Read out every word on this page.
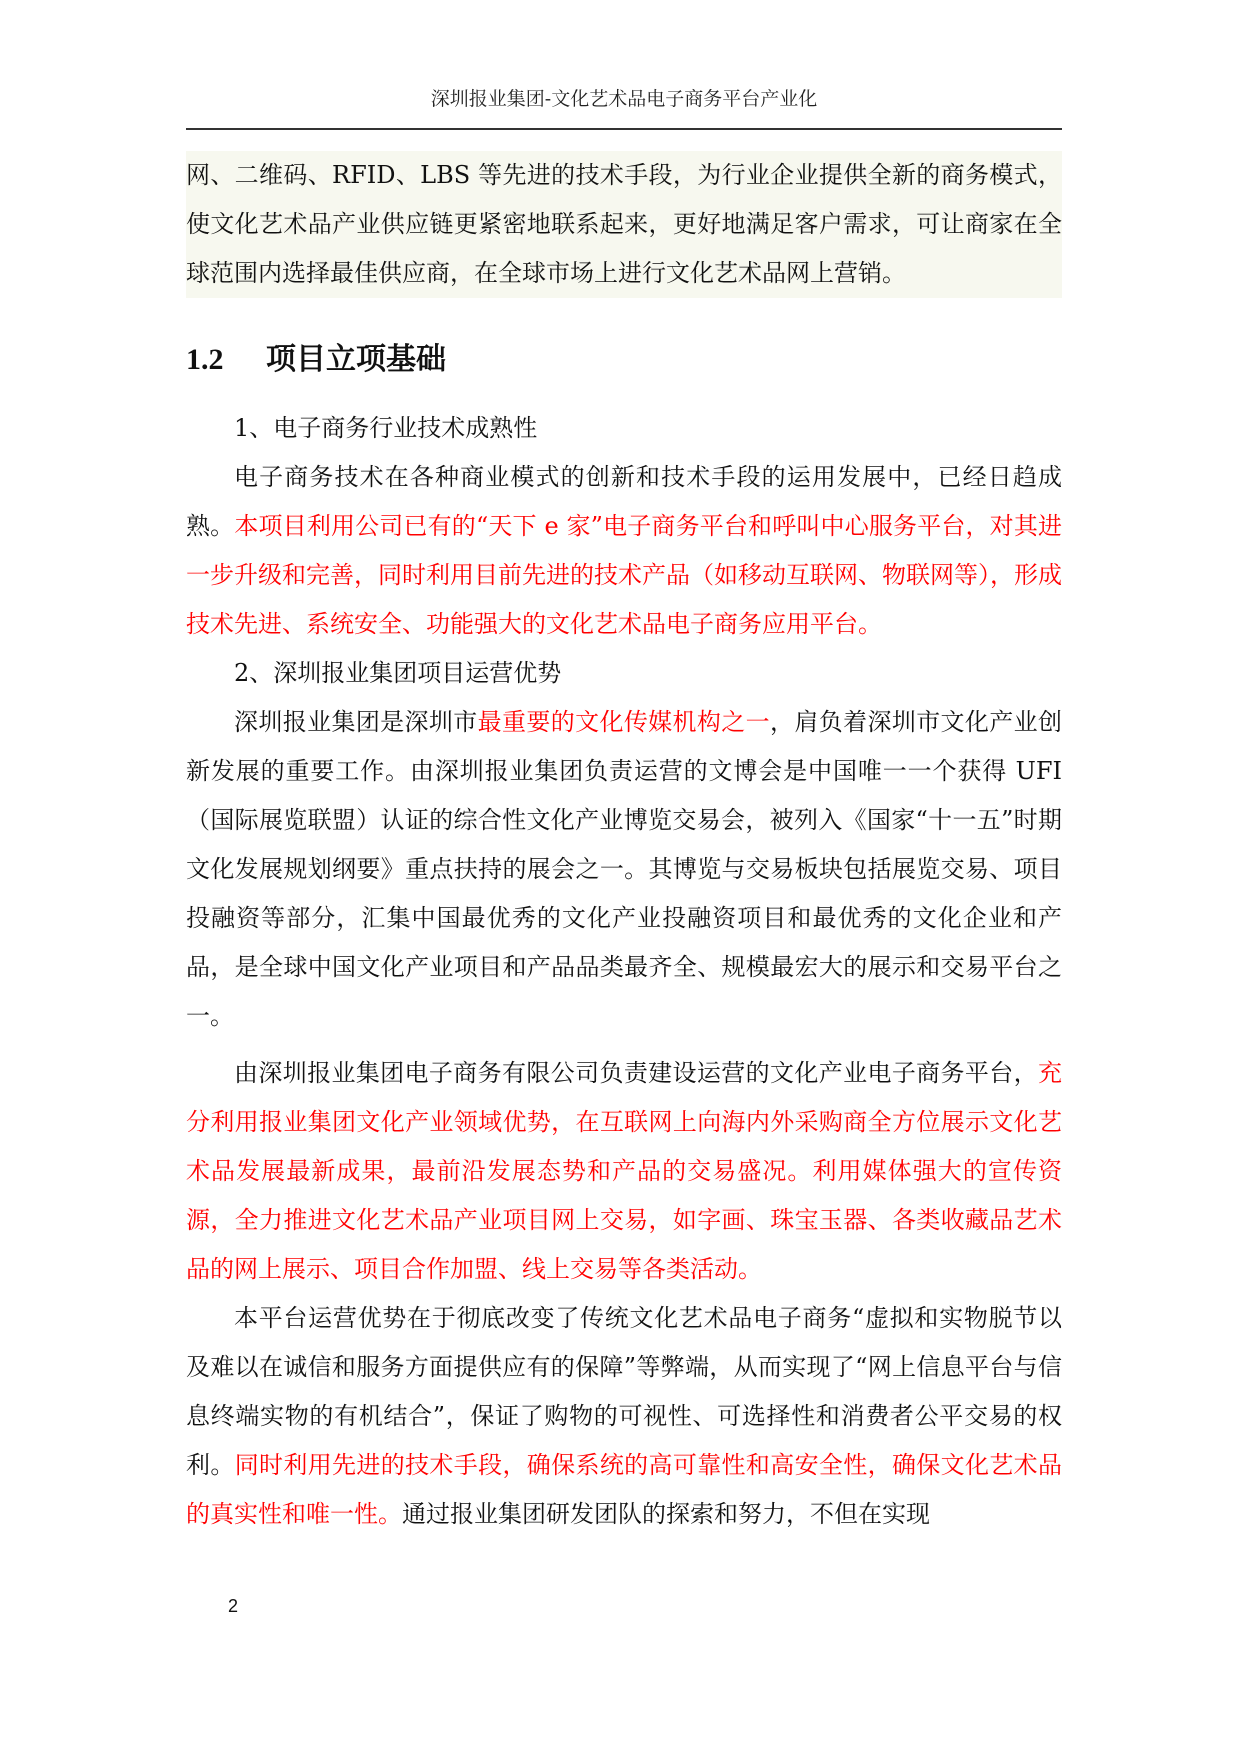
深圳报业集团-文化艺术品电子商务平台产业化

网、二维码、RFID、LBS 等先进的技术手段，为行业企业提供全新的商务模式，使文化艺术品产业供应链更紧密地联系起来，更好地满足客户需求，可让商家在全球范围内选择最佳供应商，在全球市场上进行文化艺术品网上营销。

1.2 项目立项基础

1、电子商务行业技术成熟性

电子商务技术在各种商业模式的创新和技术手段的运用发展中，已经日趋成熟。本项目利用公司已有的“天下 e 家”电子商务平台和呼叫中心服务平台，对其进一步升级和完善，同时利用目前先进的技术产品（如移动互联网、物联网等），形成技术先进、系统安全、功能强大的文化艺术品电子商务应用平台。

2、深圳报业集团项目运营优势

深圳报业集团是深圳市最重要的文化传媒机构之一，肩负着深圳市文化产业创新发展的重要工作。由深圳报业集团负责运营的文博会是中国唯一一个获得 UFI（国际展览联盟）认证的综合性文化产业博览交易会，被列入《国家“十一五”时期文化发展规划纲要》重点扶持的展会之一。其博览与交易板块包括展览交易、项目投融资等部分，汇集中国最优秀的文化产业投融资项目和最优秀的文化企业和产品，是全球中国文化产业项目和产品品类最齐全、规模最宏大的展示和交易平台之一。

由深圳报业集团电子商务有限公司负责建设运营的文化产业电子商务平台，充分利用报业集团文化产业领域优势，在互联网上向海内外采购商全方位展示文化艺术品发展最新成果，最前沿发展态势和产品的交易盛况。利用媒体强大的宣传资源，全力推进文化艺术品产业项目网上交易，如字画、珠宝玉器、各类收藏品艺术品的网上展示、项目合作加盟、线上交易等各类活动。

本平台运营优势在于彻底改变了传统文化艺术品电子商务“虚拟和实物脱节以及难以在诚信和服务方面提供应有的保障”等弊端，从而实现了“网上信息平台与信息终端实物的有机结合”，保证了购物的可视性、可选择性和消费者公平交易的权利。同时利用先进的技术手段，确保系统的高可靠性和高安全性，确保文化艺术品的真实性和唯一性。通过报业集团研发团队的探索和努力，不但在实现

2
